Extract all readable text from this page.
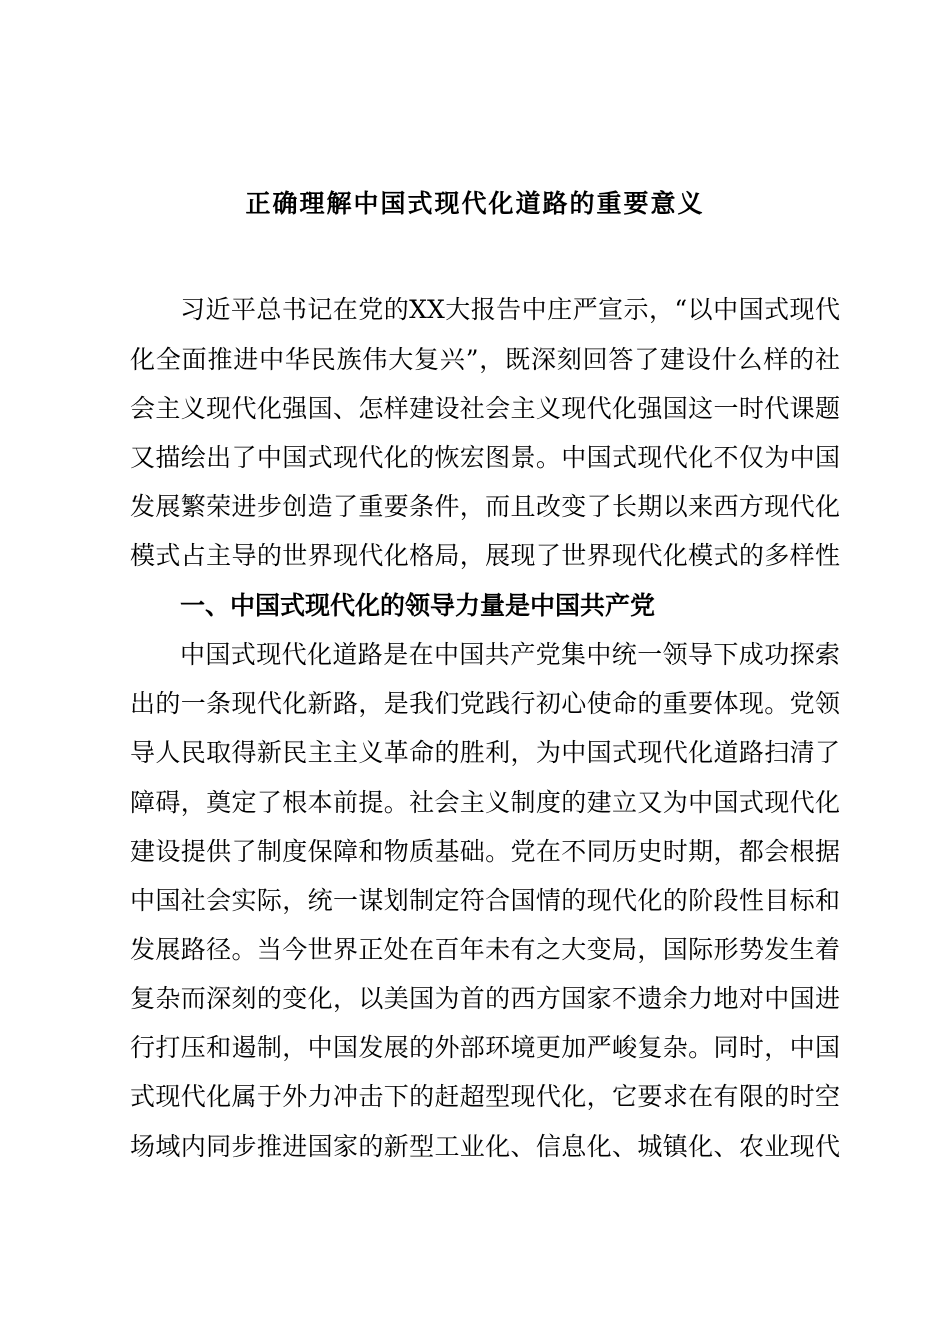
正确理解中国式现代化道路的重要意义
习近平总书记在党的XX大报告中庄严宣示，“以中国式现代
化全面推进中华民族伟大复兴”，既深刻回答了建设什么样的社
会主义现代化强国、怎样建设社会主义现代化强国这一时代课题
又描绘出了中国式现代化的恢宏图景。中国式现代化不仅为中国
发展繁荣进步创造了重要条件，而且改变了长期以来西方现代化
模式占主导的世界现代化格局，展现了世界现代化模式的多样性
一、中国式现代化的领导力量是中国共产党
中国式现代化道路是在中国共产党集中统一领导下成功探索
出的一条现代化新路，是我们党践行初心使命的重要体现。党领
导人民取得新民主主义革命的胜利，为中国式现代化道路扫清了
障碍，奠定了根本前提。社会主义制度的建立又为中国式现代化
建设提供了制度保障和物质基础。党在不同历史时期，都会根据
中国社会实际，统一谋划制定符合国情的现代化的阶段性目标和
发展路径。当今世界正处在百年未有之大变局，国际形势发生着
复杂而深刻的变化，以美国为首的西方国家不遗余力地对中国进
行打压和遏制，中国发展的外部环境更加严峻复杂。同时，中国
式现代化属于外力冲击下的赶超型现代化，它要求在有限的时空
场域内同步推进国家的新型工业化、信息化、城镇化、农业现代
